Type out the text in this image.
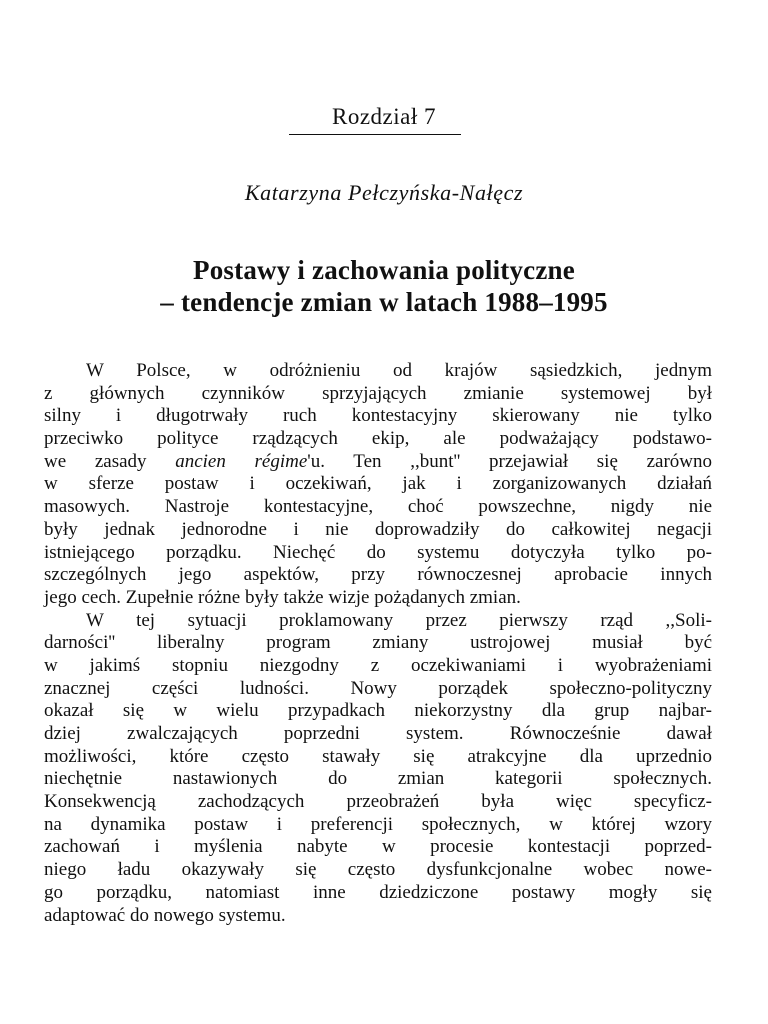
Rozdział 7
Katarzyna Pełczyńska-Nałęcz
Postawy i zachowania polityczne
– tendencje zmian w latach 1988–1995
W Polsce, w odróżnieniu od krajów sąsiedzkich, jednym
z głównych czynników sprzyjających zmianie systemowej był
silny i długotrwały ruch kontestacyjny skierowany nie tylko
przeciwko polityce rządzących ekip, ale podważający podstawo-
we zasady ancien régime'u. Ten ,,bunt'' przejawiał się zarówno
w sferze postaw i oczekiwań, jak i zorganizowanych działań
masowych. Nastroje kontestacyjne, choć powszechne, nigdy nie
były jednak jednorodne i nie doprowadziły do całkowitej negacji
istniejącego porządku. Niechęć do systemu dotyczyła tylko po-
szczególnych jego aspektów, przy równoczesnej aprobacie innych
jego cech. Zupełnie różne były także wizje pożądanych zmian.
W tej sytuacji proklamowany przez pierwszy rząd ,,Soli-
darności'' liberalny program zmiany ustrojowej musiał być
w jakimś stopniu niezgodny z oczekiwaniami i wyobrażeniami
znacznej części ludności. Nowy porządek społeczno-polityczny
okazał się w wielu przypadkach niekorzystny dla grup najbar-
dziej zwalczających poprzedni system. Równocześnie dawał
możliwości, które często stawały się atrakcyjne dla uprzednio
niechętnie nastawionych do zmian kategorii społecznych.
Konsekwencją zachodzących przeobrażeń była więc specyficz-
na dynamika postaw i preferencji społecznych, w której wzory
zachowań i myślenia nabyte w procesie kontestacji poprzed-
niego ładu okazywały się często dysfunkcjonalne wobec nowe-
go porządku, natomiast inne dziedziczone postawy mogły się
adaptować do nowego systemu.
